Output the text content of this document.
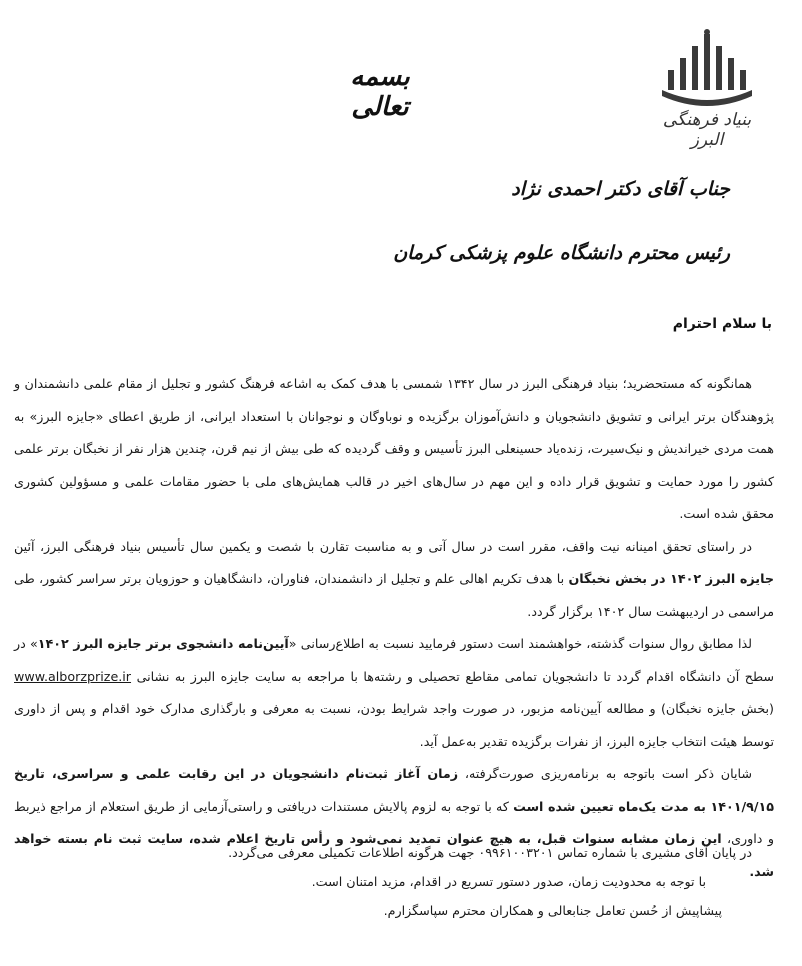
بنیاد فرهنگی البرز
بسمه تعالی
جناب آقای دکتر احمدی نژاد
رئیس محترم دانشگاه علوم پزشکی کرمان
با سلام احترام

همانگونه که مستحضرید؛ بنیاد فرهنگی البرز در سال ۱۳۴۲ شمسی با هدف کمک به اشاعه فرهنگ کشور و تجلیل از مقام علمی دانشمندان و پژوهندگان برتر ایرانی و تشویق دانشجویان و دانش‌آموزان برگزیده و نوباوگان و نوجوانان با استعداد ایرانی، از طریق اعطای «جایزه البرز» به همت مردی خیراندیش و نیک‌سیرت، زنده‌یاد حسینعلی البرز تأسیس و وقف گردیده که طی بیش از نیم قرن، چندین هزار نفر از نخبگان برتر علمی کشور را مورد حمایت و تشویق قرار داده و این مهم در سال‌های اخیر در قالب همایش‌های ملی با حضور مقامات علمی و مسؤولین کشوری محقق شده است.

در راستای تحقق امینانه نیت واقف، مقرر است در سال آتی و به مناسبت تقارن با شصت و یکمین سال تأسیس بنیاد فرهنگی البرز، آئین جایزه البرز ۱۴۰۲ در بخش نخبگان با هدف تکریم اهالی علم و تجلیل از دانشمندان، فناوران، دانشگاهیان و حوزویان برتر سراسر کشور، طی مراسمی در اردیبهشت سال ۱۴۰۲ برگزار گردد.

لذا مطابق روال سنوات گذشته، خواهشمند است دستور فرمایید نسبت به اطلاع‌رسانی «آیین‌نامه دانشجوی برتر جایزه البرز ۱۴۰۲» در سطح آن دانشگاه اقدام گردد تا دانشجویان تمامی مقاطع تحصیلی و رشته‌ها با مراجعه به سایت جایزه البرز به نشانی www.alborzprize.ir (بخش جایزه نخبگان) و مطالعه آیین‌نامه مزبور، در صورت واجد شرایط بودن، نسبت به معرفی و بارگذاری مدارک خود اقدام و پس از داوری توسط هیئت انتخاب جایزه البرز، از نفرات برگزیده تقدیر به‌عمل آید.

شایان ذکر است باتوجه به برنامه‌ریزی صورت‌گرفته، زمان آغاز ثبت‌نام دانشجویان در این رقابت علمی و سراسری، تاریخ ۱۴۰۱/۹/۱۵ به مدت یک‌ماه تعیین شده است که با توجه به لزوم پالایش مستندات دریافتی و راستی‌آزمایی از طریق استعلام از مراجع ذیربط و داوری، این زمان مشابه سنوات قبل، به هیچ عنوان تمدید نمی‌شود و رأس تاریخ اعلام شده، سایت ثبت نام بسته خواهد شد.

در پایان آقای مشیری با شماره تماس ۰۹۹۶۱۰۰۳۲۰۱ جهت هرگونه اطلاعات تکمیلی معرفی می‌گردد.

با توجه به محدودیت زمان، صدور دستور تسریع در اقدام، مزید امتنان است.

پیشاپیش از حُسن تعامل جنابعالی و همکاران محترم سپاسگزارم.
